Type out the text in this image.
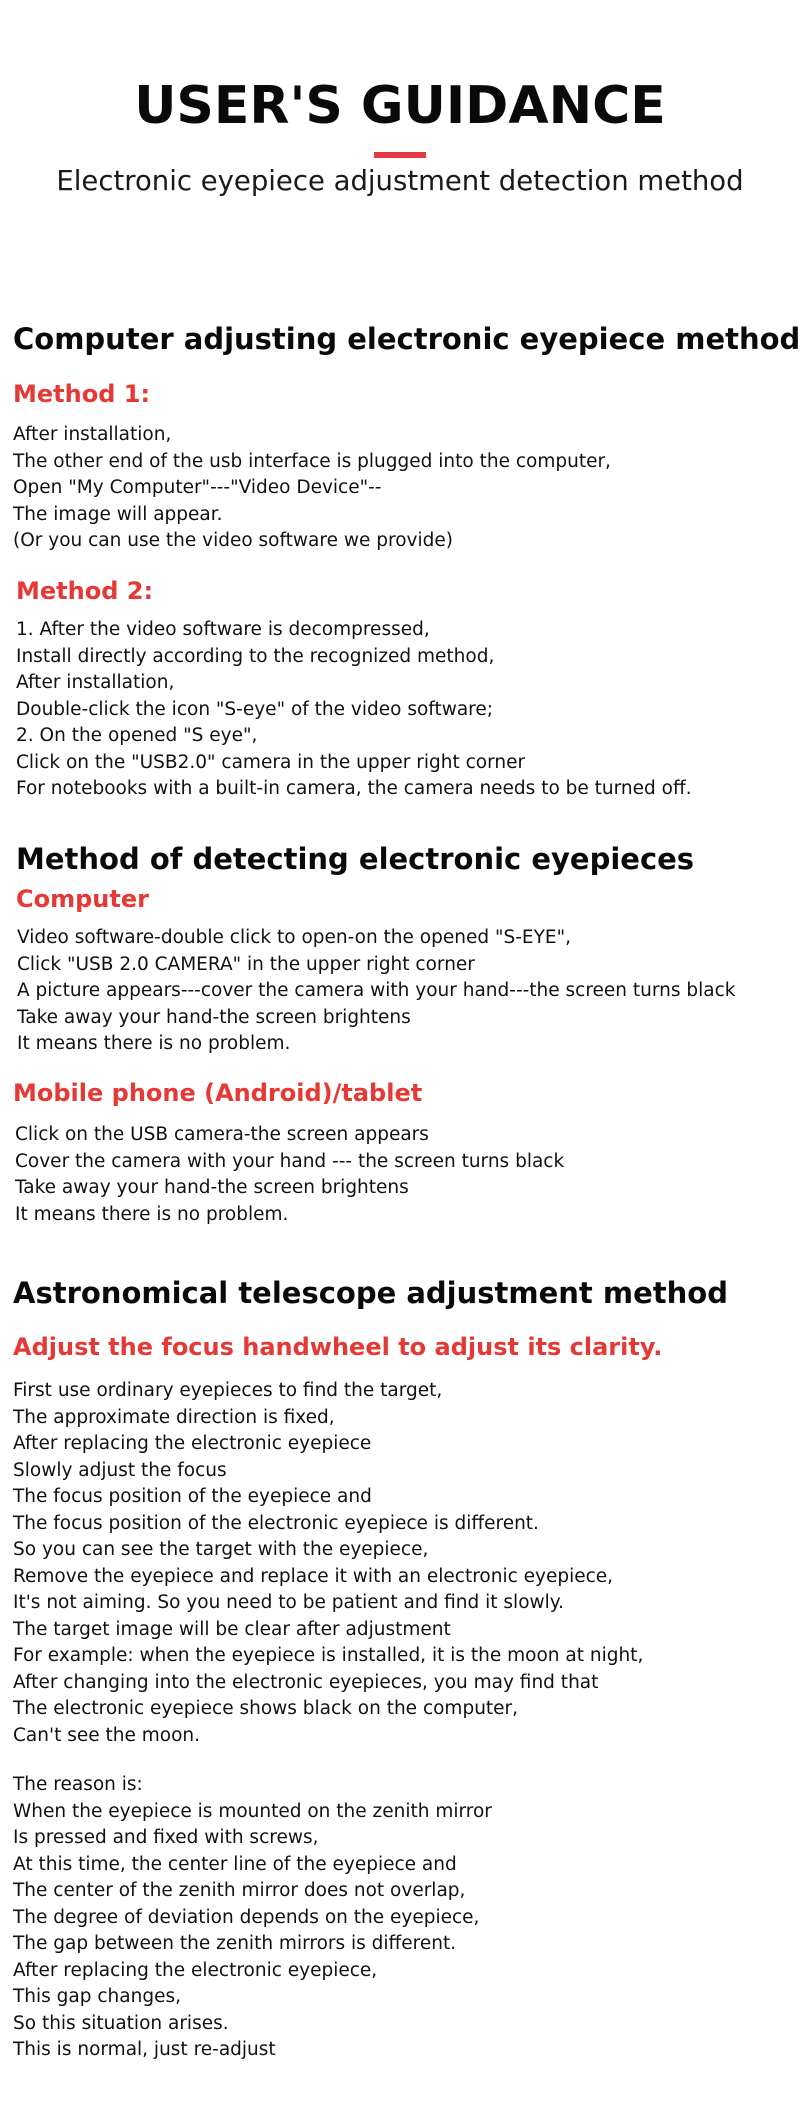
USER'S GUIDANCE

Electronic eyepiece adjustment detection method

Computer adjusting electronic eyepiece method
Method 1:
After installation,
The other end of the usb interface is plugged into the computer,
Open "My Computer"---"Video Device"--
The image will appear.
(Or you can use the video software we provide)
Method 2:
1. After the video software is decompressed,
Install directly according to the recognized method,
After installation,
Double-click the icon "S-eye" of the video software;
2. On the opened "S eye",
Click on the "USB2.0" camera in the upper right corner
For notebooks with a built-in camera, the camera needs to be turned off.
Method of detecting electronic eyepieces
Computer
Video software-double click to open-on the opened "S-EYE",
Click "USB 2.0 CAMERA" in the upper right corner
A picture appears---cover the camera with your hand---the screen turns black
Take away your hand-the screen brightens
It means there is no problem.
Mobile phone (Android)/tablet
Click on the USB camera-the screen appears
Cover the camera with your hand --- the screen turns black
Take away your hand-the screen brightens
It means there is no problem.
Astronomical telescope adjustment method
Adjust the focus handwheel to adjust its clarity.
First use ordinary eyepieces to find the target,
The approximate direction is fixed,
After replacing the electronic eyepiece
Slowly adjust the focus
The focus position of the eyepiece and
The focus position of the electronic eyepiece is different.
So you can see the target with the eyepiece,
Remove the eyepiece and replace it with an electronic eyepiece,
It's not aiming. So you need to be patient and find it slowly.
The target image will be clear after adjustment
For example: when the eyepiece is installed, it is the moon at night,
After changing into the electronic eyepieces, you may find that
The electronic eyepiece shows black on the computer,
Can't see the moon.
The reason is:
When the eyepiece is mounted on the zenith mirror
Is pressed and fixed with screws,
At this time, the center line of the eyepiece and
The center of the zenith mirror does not overlap,
The degree of deviation depends on the eyepiece,
The gap between the zenith mirrors is different.
After replacing the electronic eyepiece,
This gap changes,
So this situation arises.
This is normal, just re-adjust
